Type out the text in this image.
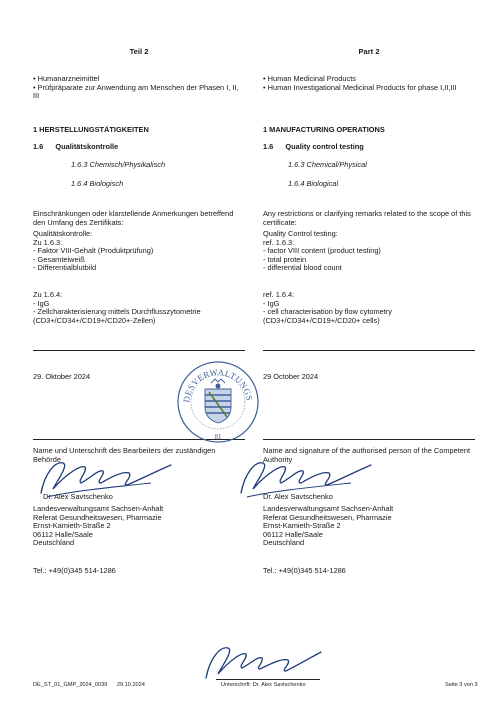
Teil 2
• Humanarzneimittel
• Prüfpräparate zur Anwendung am Menschen der Phasen I, II, III
1 HERSTELLUNGSTÄTIGKEITEN
1.6 Qualitätskontrolle
1.6.3 Chemisch/Physikalisch
1.6.4 Biologisch
Einschränkungen oder klarstellende Anmerkungen betreffend den Umfang des Zertifikats:
Qualitätskontrolle:
Zu 1.6.3:
- Faktor VIII-Gehalt (Produktprüfung)
- Gesamteiweiß
- Differentialblutbild
Zu 1.6.4:
- IgG
- Zellcharakterisierung mittels Durchflusszytometrie (CD3+/CD34+/CD19+/CD20+-Zellen)
29. Oktober 2024
Name und Unterschrift des Bearbeiters der zuständigen Behörde
Dr. Alex Savtschenko
Landesverwaltungsamt Sachsen-Anhalt
Referat Gesundheitswesen, Pharmazie
Ernst-Kamieth-Straße 2
06112 Halle/Saale
Deutschland
Tel.: +49(0)345 514-1286
Part 2
• Human Medicinal Products
• Human Investigational Medicinal Products for phase I,II,III
1 MANUFACTURING OPERATIONS
1.6 Quality control testing
1.6.3 Chemical/Physical
1.6.4 Biological
Any restrictions or clarifying remarks related to the scope of this certificate:
Quality Control testing:
ref. 1.6.3:
- factor VIII content (product testing)
- total protein
- differential blood count
ref. 1.6.4:
- IgG
- cell characterisation by flow cytometry (CD3+/CD34+/CD19+/CD20+ cells)
29 October 2024
Name and signature of the authorised person of the Competent Authority
Dr. Alex Savtschenko
Landesverwaltungsamt Sachsen-Anhalt
Referat Gesundheitswesen, Pharmazie
Ernst-Kamieth-Straße 2
06112 Halle/Saale
Deutschland
Tel.: +49(0)345 514-1286
DESVERWALTUNGS
81
DE_ST_01_GMP_2024_0039 29.10.2024	Unterschrift: Dr. Alex Savtschenko	Seite 3 von 3
